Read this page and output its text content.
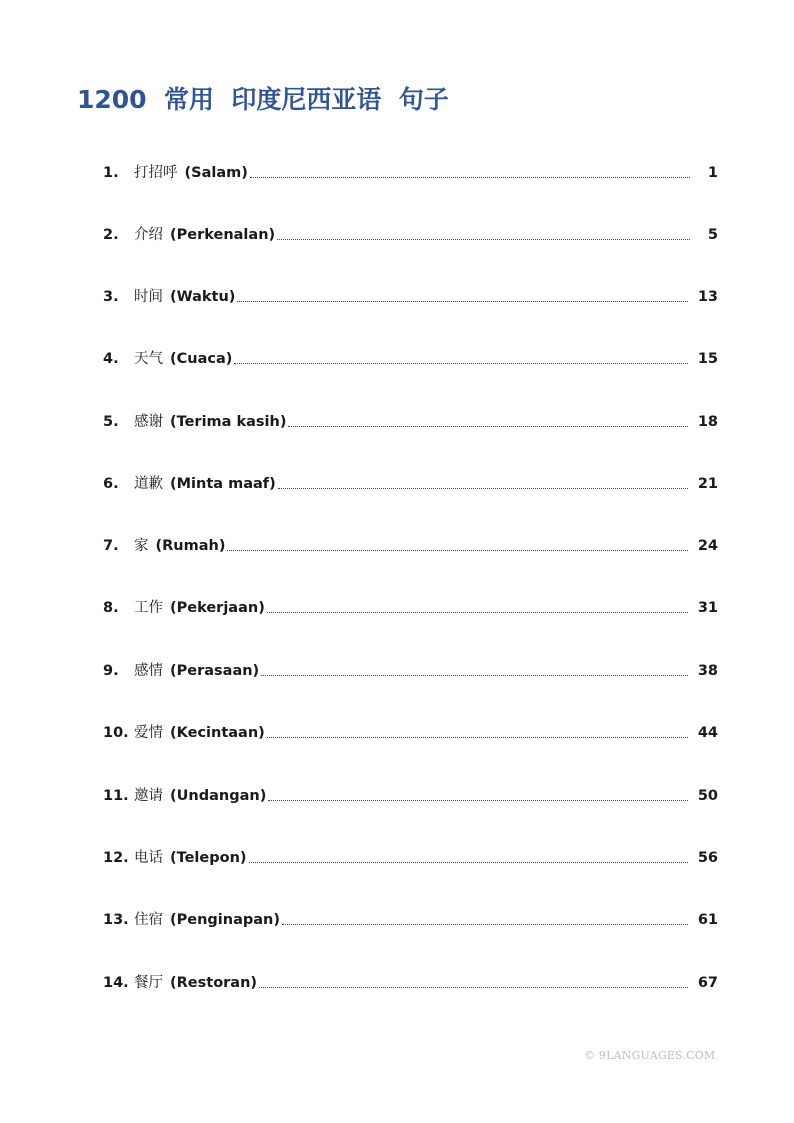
1200  常用  印度尼西亚语  句子
1.	打招呼 (Salam)	1
2.	介绍 (Perkenalan)	5
3.	时间 (Waktu)	13
4.	天气 (Cuaca)	15
5.	感谢 (Terima kasih)	18
6.	道歉 (Minta maaf)	21
7.	家 (Rumah)	24
8.	工作 (Pekerjaan)	31
9.	感情 (Perasaan)	38
10. 爱情 (Kecintaan)	44
11. 邀请 (Undangan)	50
12. 电话 (Telepon)	56
13. 住宿 (Penginapan)	61
14. 餐厅 (Restoran)	67
© 9LANGUAGES.COM
